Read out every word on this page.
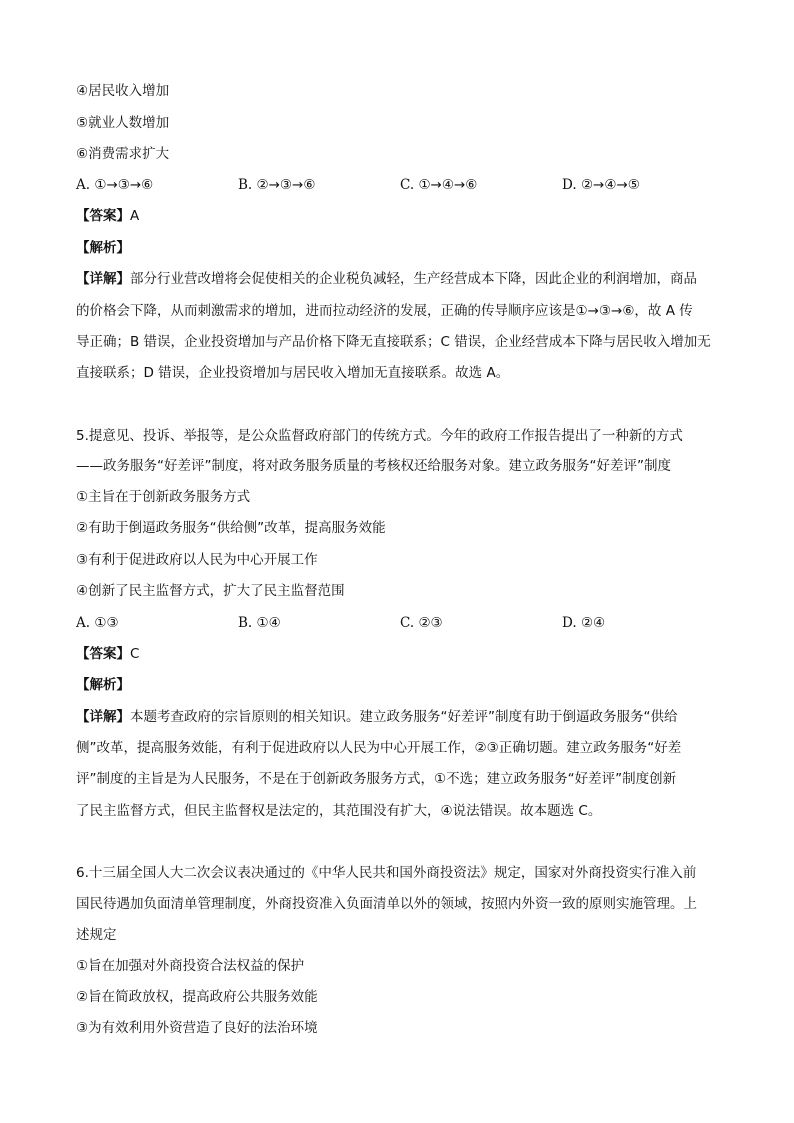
④居民收入增加
⑤就业人数增加
⑥消费需求扩大
A. ①→③→⑥	B. ②→③→⑥	C. ①→④→⑥	D. ②→④→⑤
【答案】A
【解析】
【详解】部分行业营改增将会促使相关的企业税负减轻，生产经营成本下降，因此企业的利润增加，商品
的价格会下降，从而刺激需求的增加，进而拉动经济的发展，正确的传导顺序应该是①→③→⑥，故 A 传
导正确；B 错误，企业投资增加与产品价格下降无直接联系；C 错误，企业经营成本下降与居民收入增加无
直接联系；D 错误，企业投资增加与居民收入增加无直接联系。故选 A。
5.提意见、投诉、举报等，是公众监督政府部门的传统方式。今年的政府工作报告提出了一种新的方式
——政务服务“好差评”制度，将对政务服务质量的考核权还给服务对象。建立政务服务“好差评”制度
①主旨在于创新政务服务方式
②有助于倒逼政务服务“供给侧”改革，提高服务效能
③有利于促进政府以人民为中心开展工作
④创新了民主监督方式，扩大了民主监督范围
A. ①③	B. ①④	C. ②③	D. ②④
【答案】C
【解析】
【详解】本题考查政府的宗旨原则的相关知识。建立政务服务“好差评”制度有助于倒逼政务服务“供给
侧”改革，提高服务效能，有利于促进政府以人民为中心开展工作，②③正确切题。建立政务服务“好差
评”制度的主旨是为人民服务，不是在于创新政务服务方式，①不选；建立政务服务“好差评”制度创新
了民主监督方式，但民主监督权是法定的，其范围没有扩大，④说法错误。故本题选 C。
6.十三届全国人大二次会议表决通过的《中华人民共和国外商投资法》规定，国家对外商投资实行准入前
国民待遇加负面清单管理制度，外商投资准入负面清单以外的领域，按照内外资一致的原则实施管理。上
述规定
①旨在加强对外商投资合法权益的保护
②旨在简政放权，提高政府公共服务效能
③为有效利用外资营造了良好的法治环境
